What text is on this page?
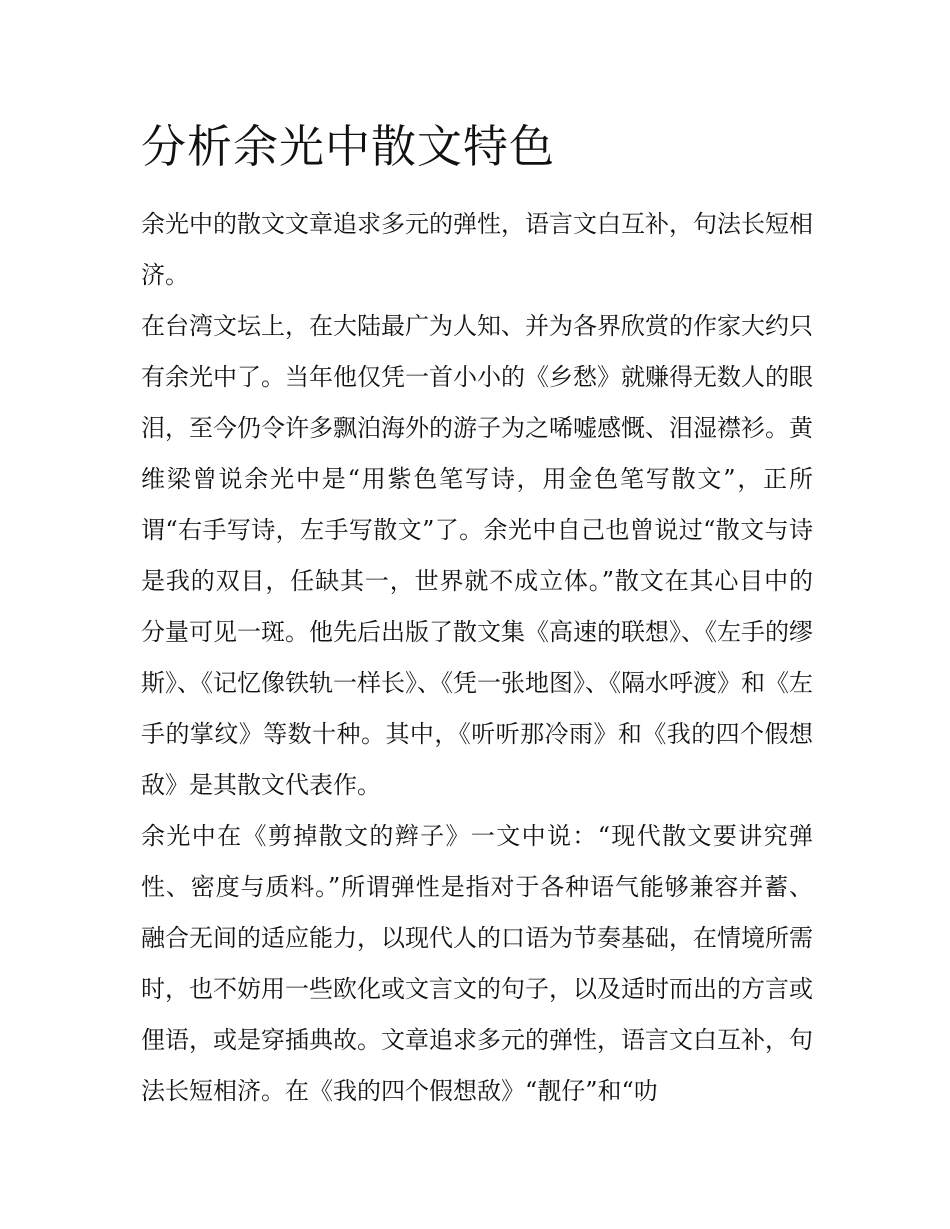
分析余光中散文特色

余光中的散文文章追求多元的弹性，语言文白互补，句法长短相济。

在台湾文坛上，在大陆最广为人知、并为各界欣赏的作家大约只有余光中了。当年他仅凭一首小小的《乡愁》就赚得无数人的眼泪，至今仍令许多飘泊海外的游子为之唏嘘感慨、泪湿襟衫。黄维梁曾说余光中是“用紫色笔写诗，用金色笔写散文”，正所谓“右手写诗，左手写散文”了。余光中自己也曾说过“散文与诗是我的双目，任缺其一，世界就不成立体。”散文在其心目中的分量可见一斑。他先后出版了散文集《高速的联想》、《左手的缪斯》、《记忆像铁轨一样长》、《凭一张地图》、《隔水呼渡》和《左手的掌纹》等数十种。其中，《听听那冷雨》和《我的四个假想敌》是其散文代表作。

余光中在《剪掉散文的辫子》一文中说：“现代散文要讲究弹性、密度与质料。”所谓弹性是指对于各种语气能够兼容并蓄、融合无间的适应能力，以现代人的口语为节奏基础，在情境所需时，也不妨用一些欧化或文言文的句子，以及适时而出的方言或俚语，或是穿插典故。文章追求多元的弹性，语言文白互补，句法长短相济。在《我的四个假想敌》“靓仔”和“叻
